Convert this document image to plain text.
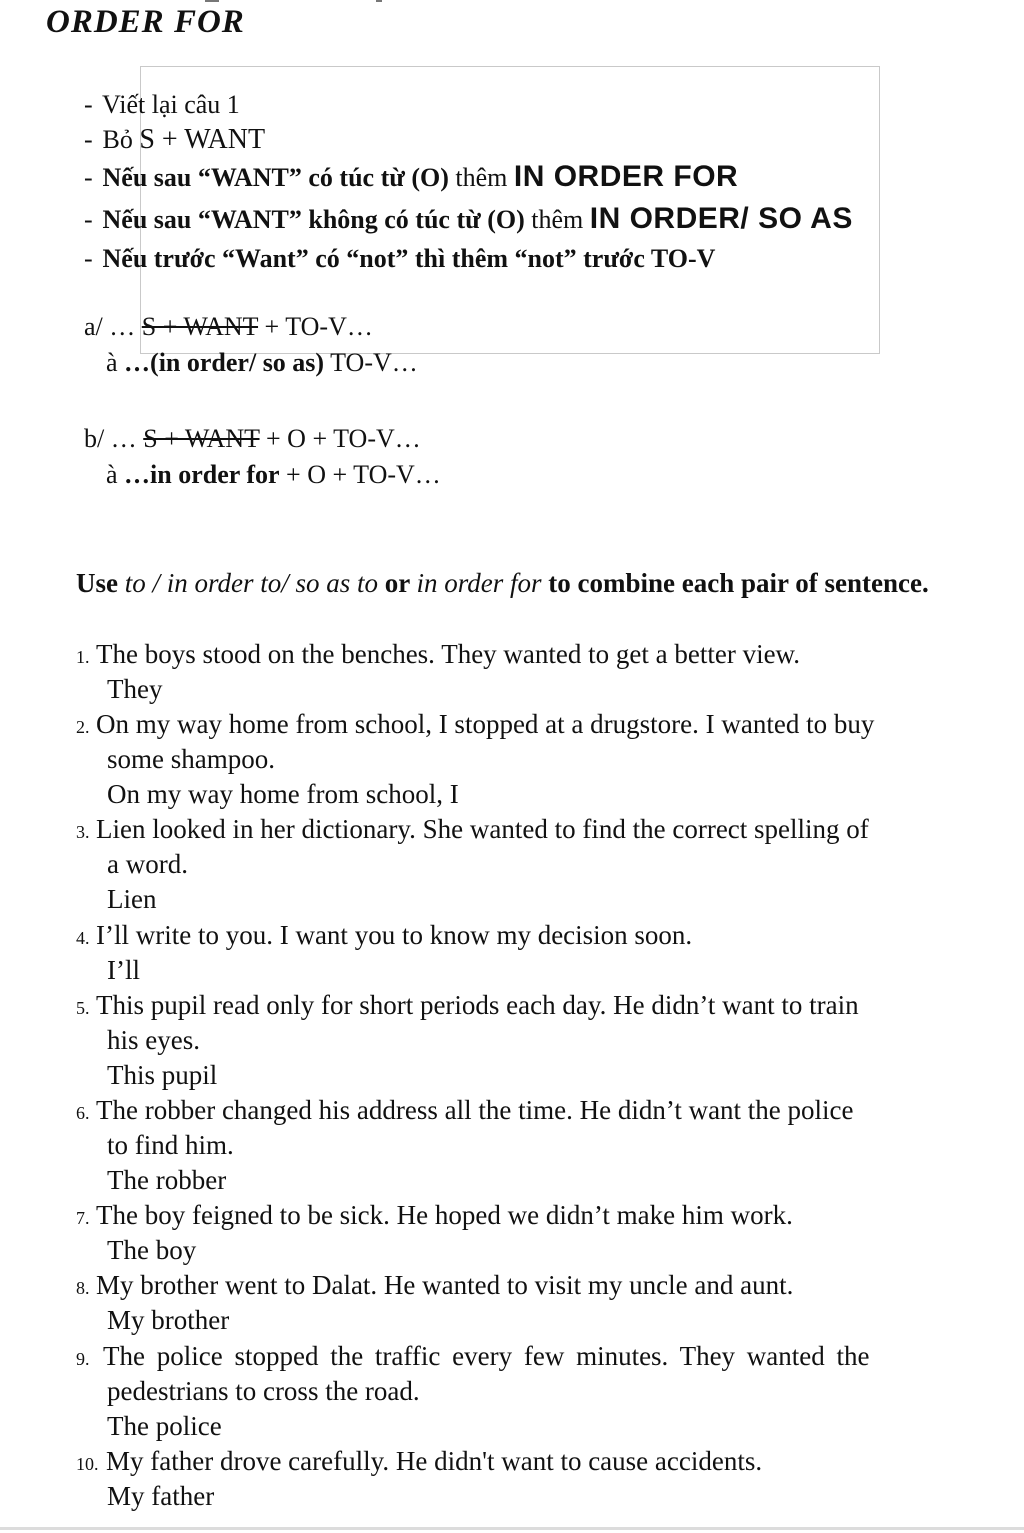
ORDER FOR
- Viết lại câu 1
- Bỏ S + WANT
- Nếu sau “WANT” có túc từ (O) thêm IN ORDER FOR
- Nếu sau “WANT” không có túc từ (O) thêm IN ORDER/ SO AS
- Nếu trước “Want” có “not” thì thêm “not” trước TO-V
a/ … S + WANT + TO-V…
à …(in order/ so as) TO-V…
b/ … S + WANT + O + TO-V…
à …in order for + O + TO-V…
Use to / in order to/ so as to or in order for to combine each pair of sentence.
1. The boys stood on the benches. They wanted to get a better view.
They
2. On my way home from school, I stopped at a drugstore. I wanted to buy
some shampoo.
On my way home from school, I
3. Lien looked in her dictionary. She wanted to find the correct spelling of
a word.
Lien
4. I’ll write to you. I want you to know my decision soon.
I’ll
5. This pupil read only for short periods each day. He didn’t want to train
his eyes.
This pupil
6. The robber changed his address all the time. He didn’t want the police
to find him.
The robber
7. The boy feigned to be sick. He hoped we didn’t make him work.
The boy
8. My brother went to Dalat. He wanted to visit my uncle and aunt.
My brother
9. The police stopped the traffic every few minutes. They wanted the
pedestrians to cross the road.
The police
10. My father drove carefully. He didn't want to cause accidents.
My father
